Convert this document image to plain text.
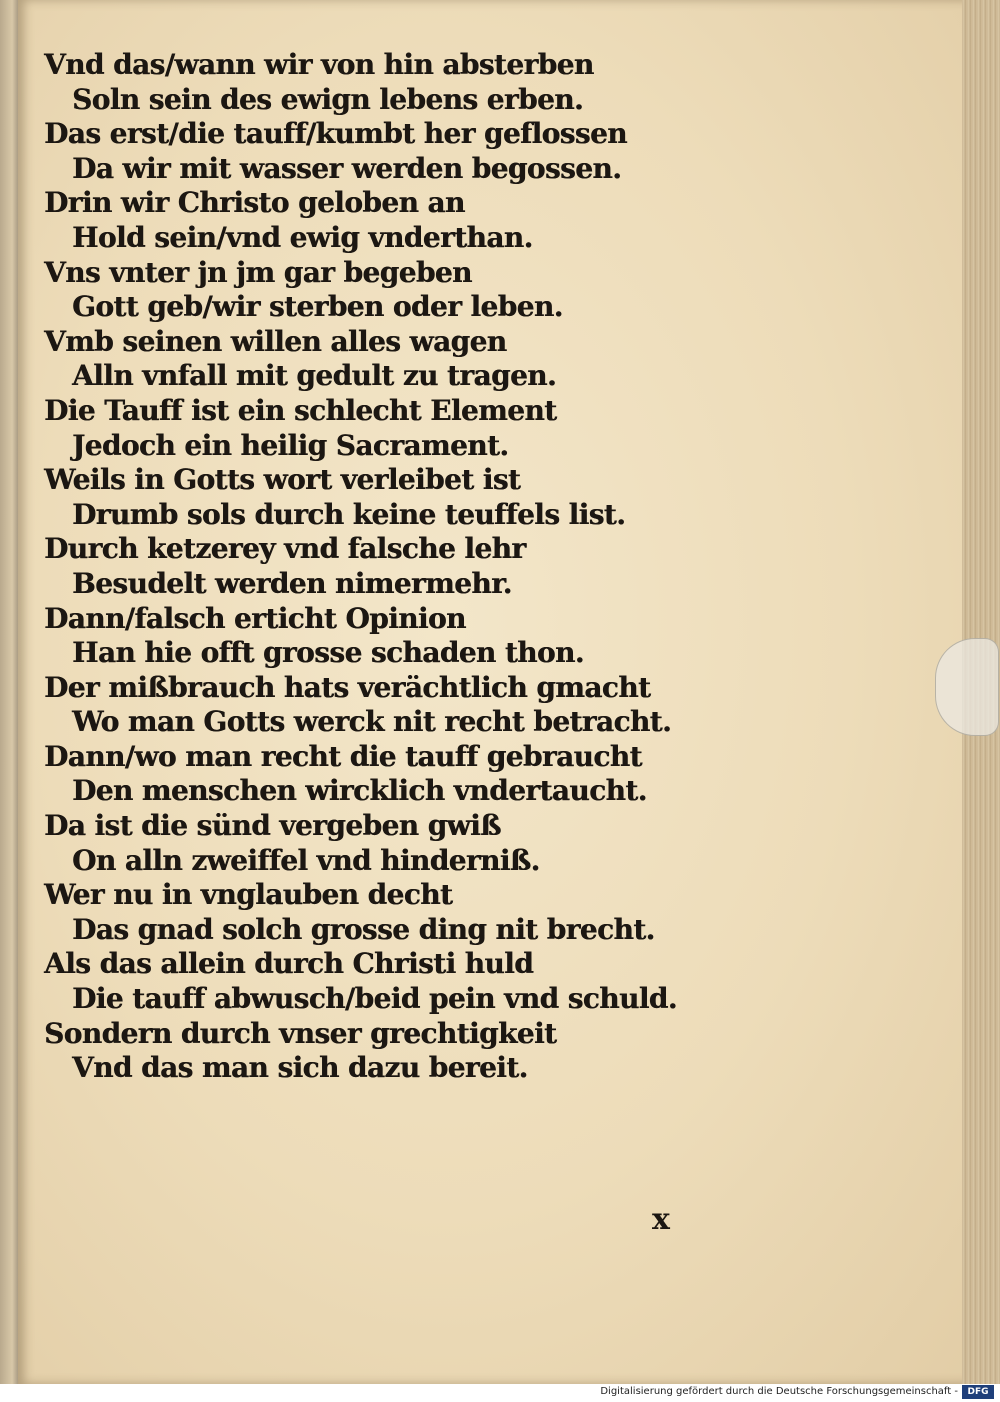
Vnd das/wann wir von hin absterben
Soln sein des ewign lebens erben.
Das erst/die tauff/kumbt her geflossen
Da wir mit wasser werden begossen.
Drin wir Christo geloben an
Hold sein/vnd ewig vnderthan.
Vns vnter jn jm gar begeben
Gott geb/wir sterben oder leben.
Vmb seinen willen alles wagen
Alln vnfall mit gedult zu tragen.
Die Tauff ist ein schlecht Element
Jedoch ein heilig Sacrament.
Weils in Gotts wort verleibet ist
Drumb sols durch keine teuffels list.
Durch ketzerey vnd falsche lehr
Besudelt werden nimermehr.
Dann/falsch erticht Opinion
Han hie offt grosse schaden thon.
Der mißbrauch hats verächtlich gmacht
Wo man Gotts werck nit recht betracht.
Dann/wo man recht die tauff gebraucht
Den menschen wircklich vndertaucht.
Da ist die sünd vergeben gwiß
On alln zweiffel vnd hinderniß.
Wer nu in vnglauben decht
Das gnad solch grosse ding nit brecht.
Als das allein durch Christi huld
Die tauff abwusch/beid pein vnd schuld.
Sondern durch vnser grechtigkeit
Vnd das man sich dazu bereit.
x
Digitalisierung gefördert durch die Deutsche Forschungsgemeinschaft -	DFG
